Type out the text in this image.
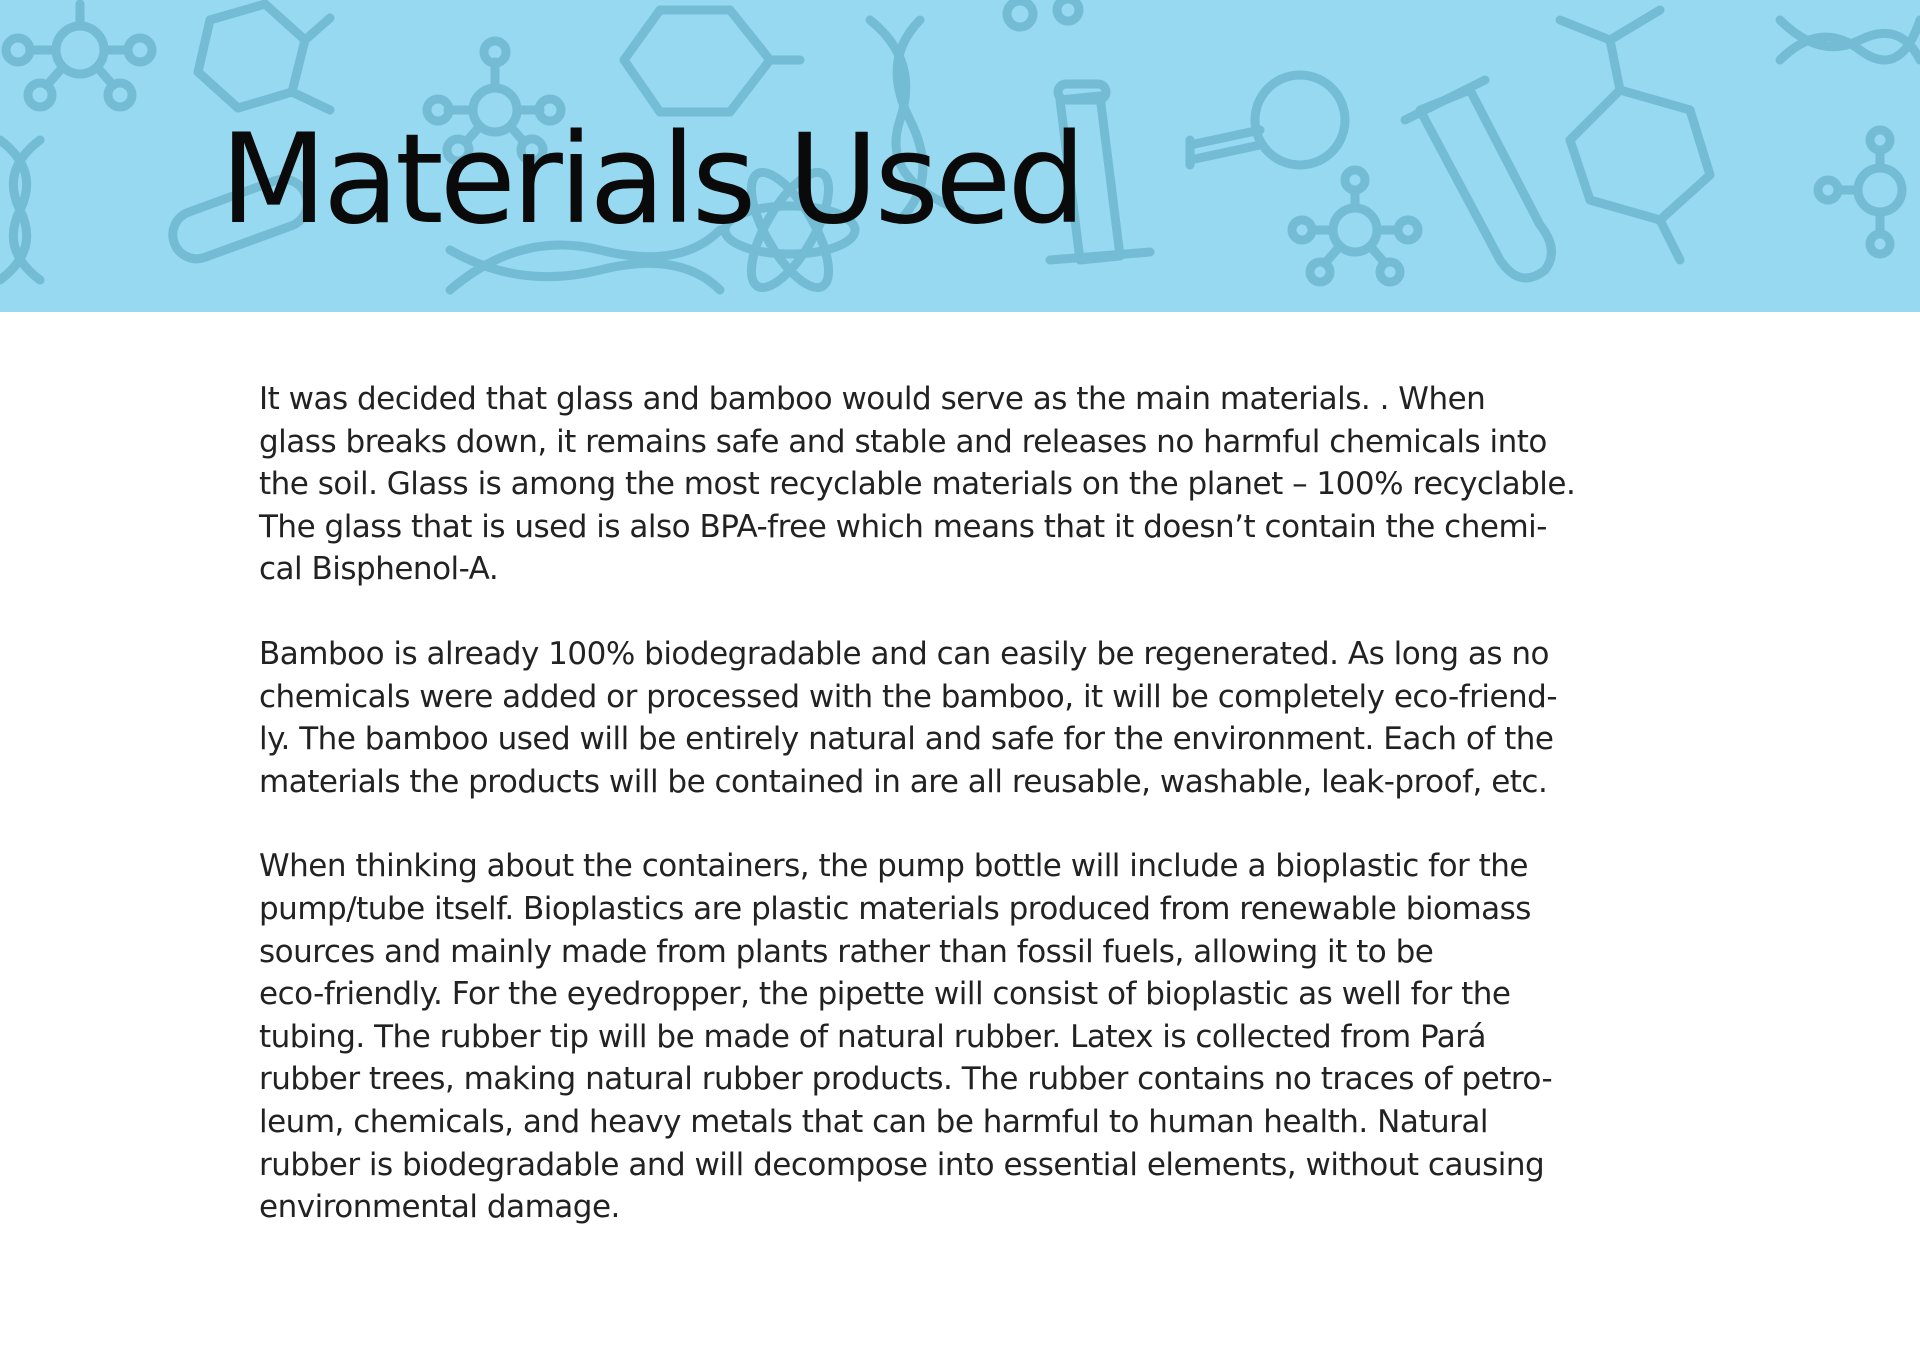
Materials Used

It was decided that glass and bamboo would serve as the main materials. . When
glass breaks down, it remains safe and stable and releases no harmful chemicals into
the soil. Glass is among the most recyclable materials on the planet – 100% recyclable.
The glass that is used is also BPA-free which means that it doesn’t contain the chemi-
cal Bisphenol-A.

Bamboo is already 100% biodegradable and can easily be regenerated. As long as no
chemicals were added or processed with the bamboo, it will be completely eco-friend-
ly. The bamboo used will be entirely natural and safe for the environment. Each of the
materials the products will be contained in are all reusable, washable, leak-proof, etc.

When thinking about the containers, the pump bottle will include a bioplastic for the
pump/tube itself. Bioplastics are plastic materials produced from renewable biomass
sources and mainly made from plants rather than fossil fuels, allowing it to be
eco-friendly. For the eyedropper, the pipette will consist of bioplastic as well for the
tubing. The rubber tip will be made of natural rubber. Latex is collected from Pará
rubber trees, making natural rubber products. The rubber contains no traces of petro-
leum, chemicals, and heavy metals that can be harmful to human health. Natural
rubber is biodegradable and will decompose into essential elements, without causing
environmental damage.
